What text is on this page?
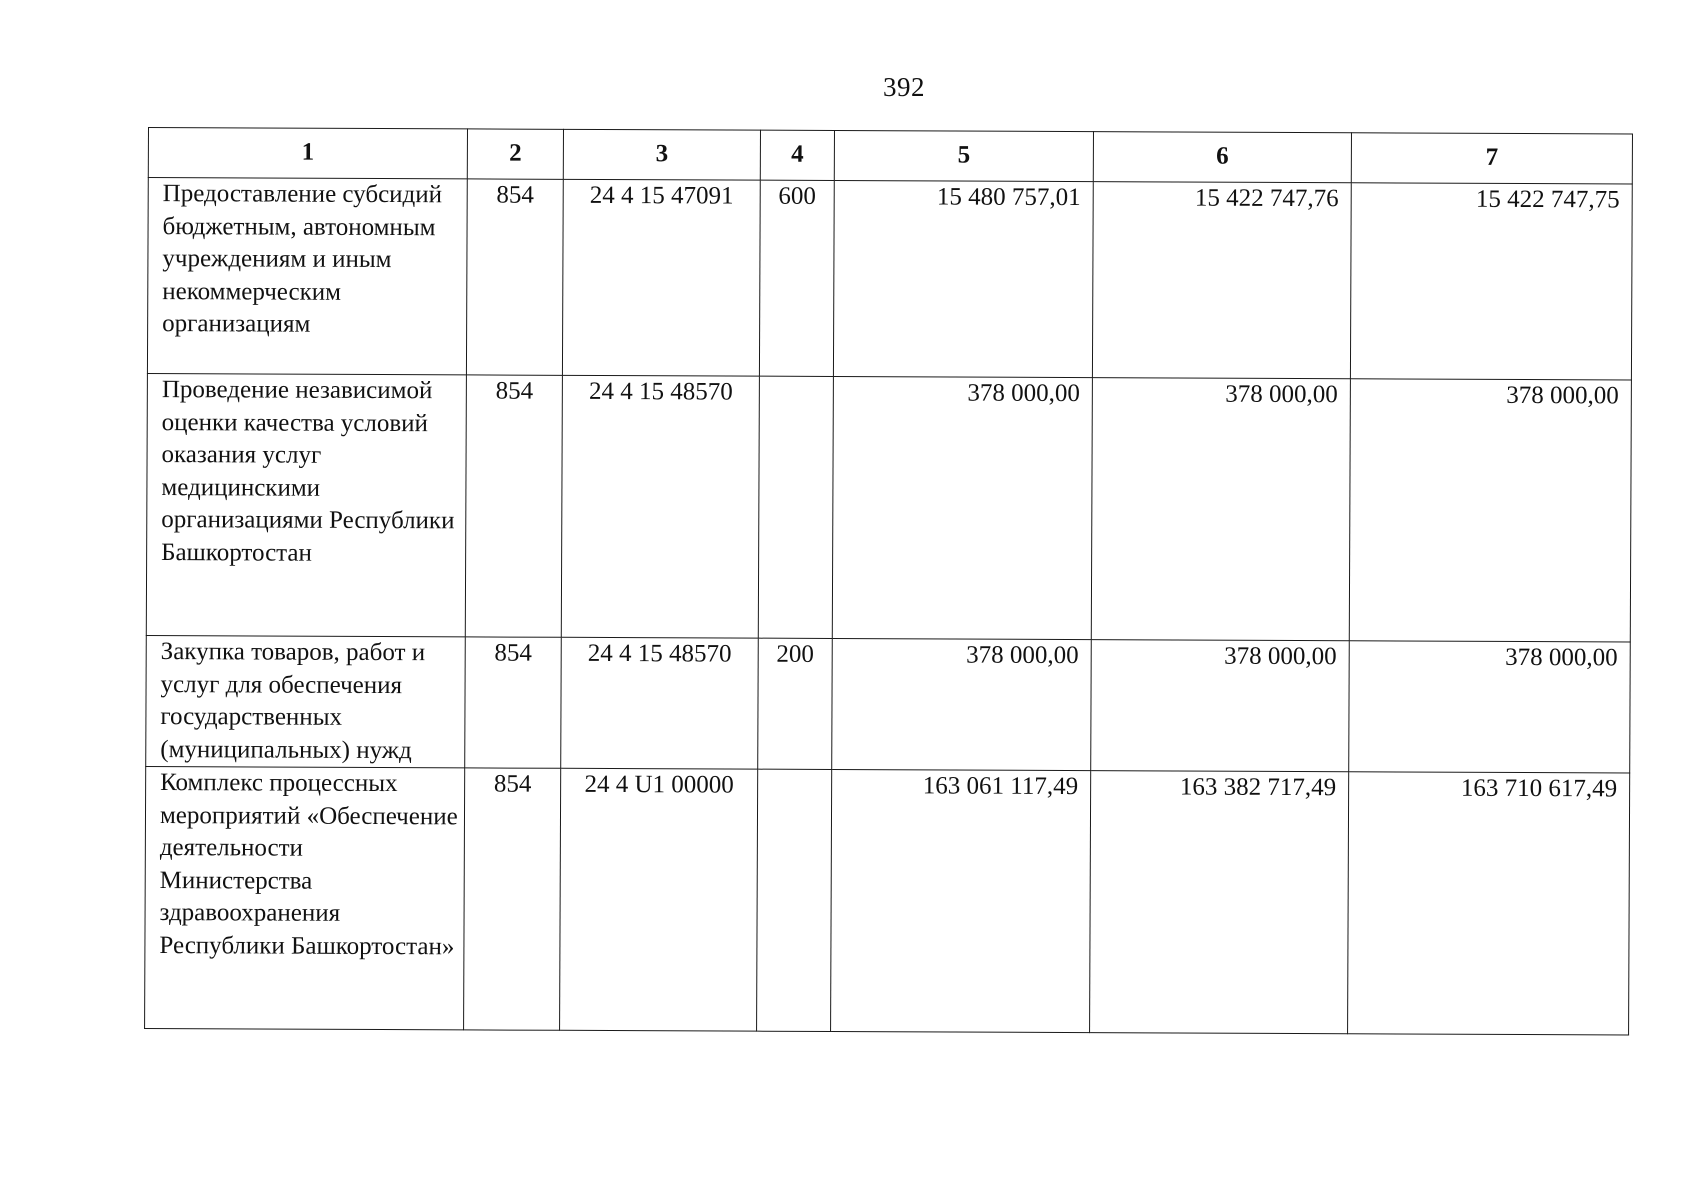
392
1	2	3	4	5	6	7
Предоставление субсидий бюджетным, автономным учреждениям и иным некоммерческим организациям	854	24 4 15 47091	600	15 480 757,01	15 422 747,76	15 422 747,75
Проведение независимой оценки качества условий оказания услуг медицинскими организациями Республики Башкортостан	854	24 4 15 48570		378 000,00	378 000,00	378 000,00
Закупка товаров, работ и услуг для обеспечения государственных (муниципальных) нужд	854	24 4 15 48570	200	378 000,00	378 000,00	378 000,00
Комплекс процессных мероприятий «Обеспечение деятельности Министерства здравоохранения Республики Башкортостан»	854	24 4 U1 00000		163 061 117,49	163 382 717,49	163 710 617,49
